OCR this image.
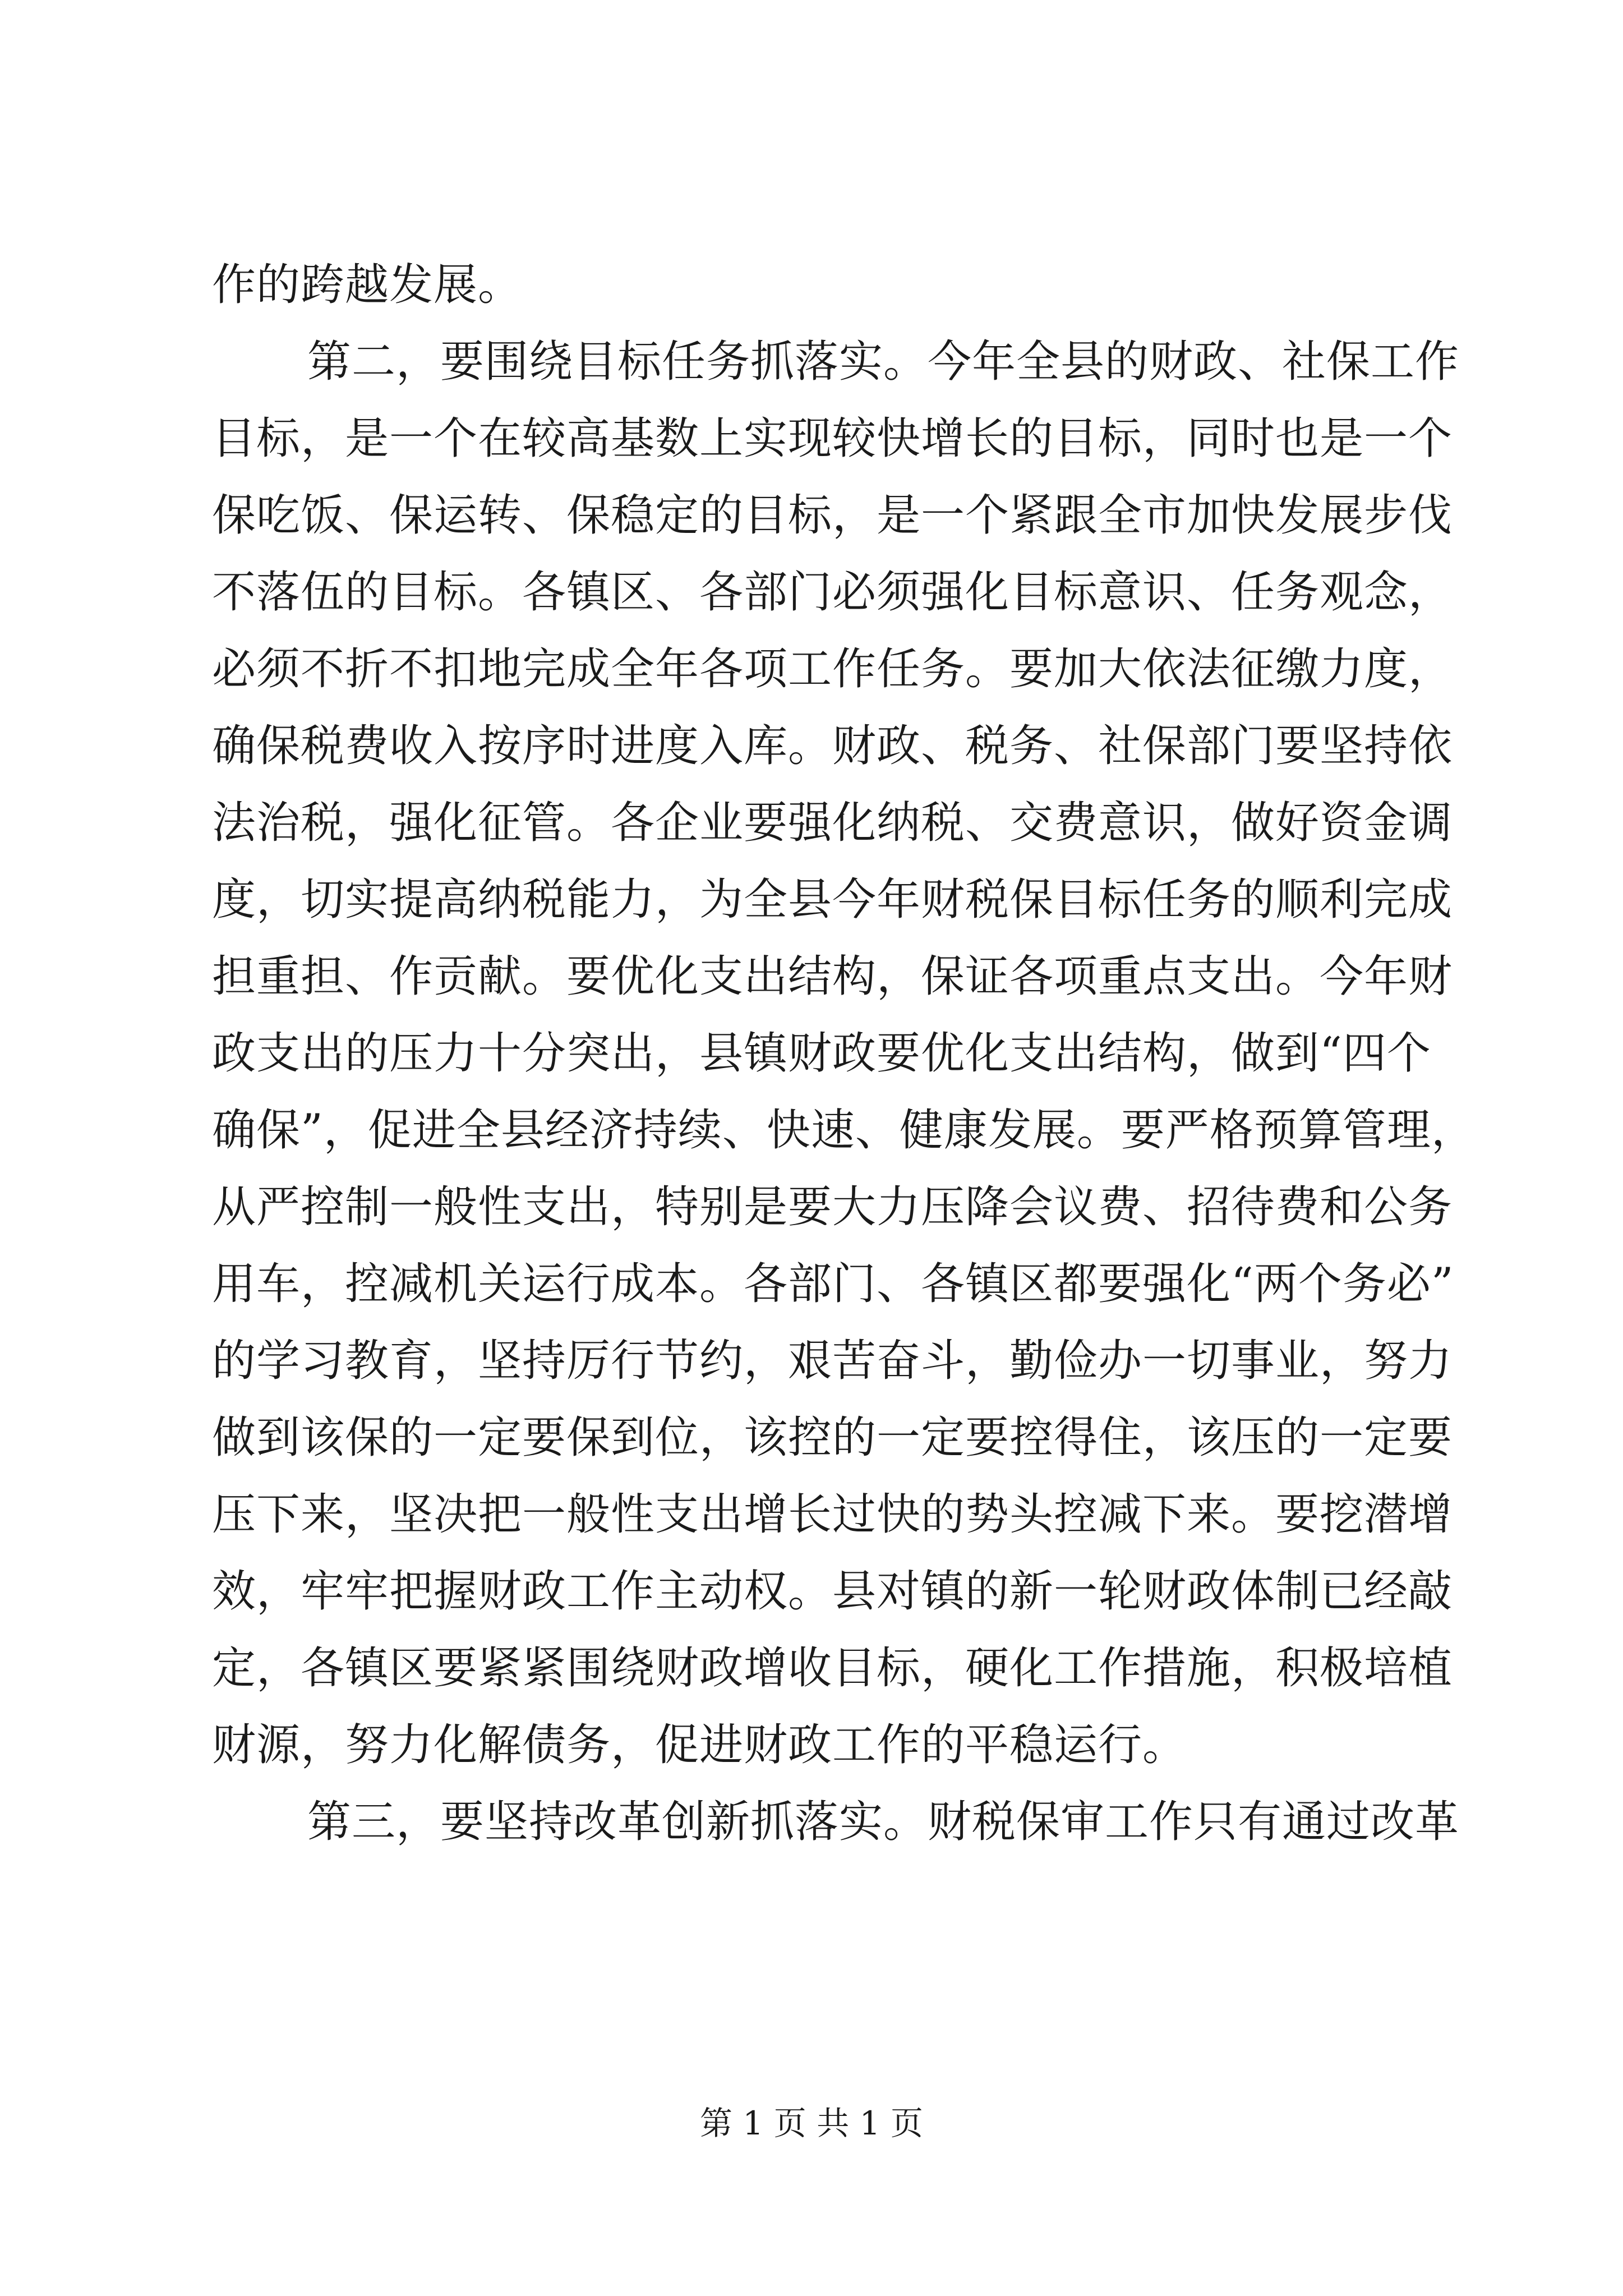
作的跨越发展。
第二，要围绕目标任务抓落实。今年全县的财政、社保工作
目标，是一个在较高基数上实现较快增长的目标，同时也是一个
保吃饭、保运转、保稳定的目标，是一个紧跟全市加快发展步伐
不落伍的目标。各镇区、各部门必须强化目标意识、任务观念，
必须不折不扣地完成全年各项工作任务。要加大依法征缴力度，
确保税费收入按序时进度入库。财政、税务、社保部门要坚持依
法治税，强化征管。各企业要强化纳税、交费意识，做好资金调
度，切实提高纳税能力，为全县今年财税保目标任务的顺利完成
担重担、作贡献。要优化支出结构，保证各项重点支出。今年财
政支出的压力十分突出，县镇财政要优化支出结构，做到“四个
确保”，促进全县经济持续、快速、健康发展。要严格预算管理，
从严控制一般性支出，特别是要大力压降会议费、招待费和公务
用车，控减机关运行成本。各部门、各镇区都要强化“两个务必”
的学习教育，坚持厉行节约，艰苦奋斗，勤俭办一切事业，努力
做到该保的一定要保到位，该控的一定要控得住，该压的一定要
压下来，坚决把一般性支出增长过快的势头控减下来。要挖潜增
效，牢牢把握财政工作主动权。县对镇的新一轮财政体制已经敲
定，各镇区要紧紧围绕财政增收目标，硬化工作措施，积极培植
财源，努力化解债务，促进财政工作的平稳运行。
第三，要坚持改革创新抓落实。财税保审工作只有通过改革
第 1 页 共 1 页
